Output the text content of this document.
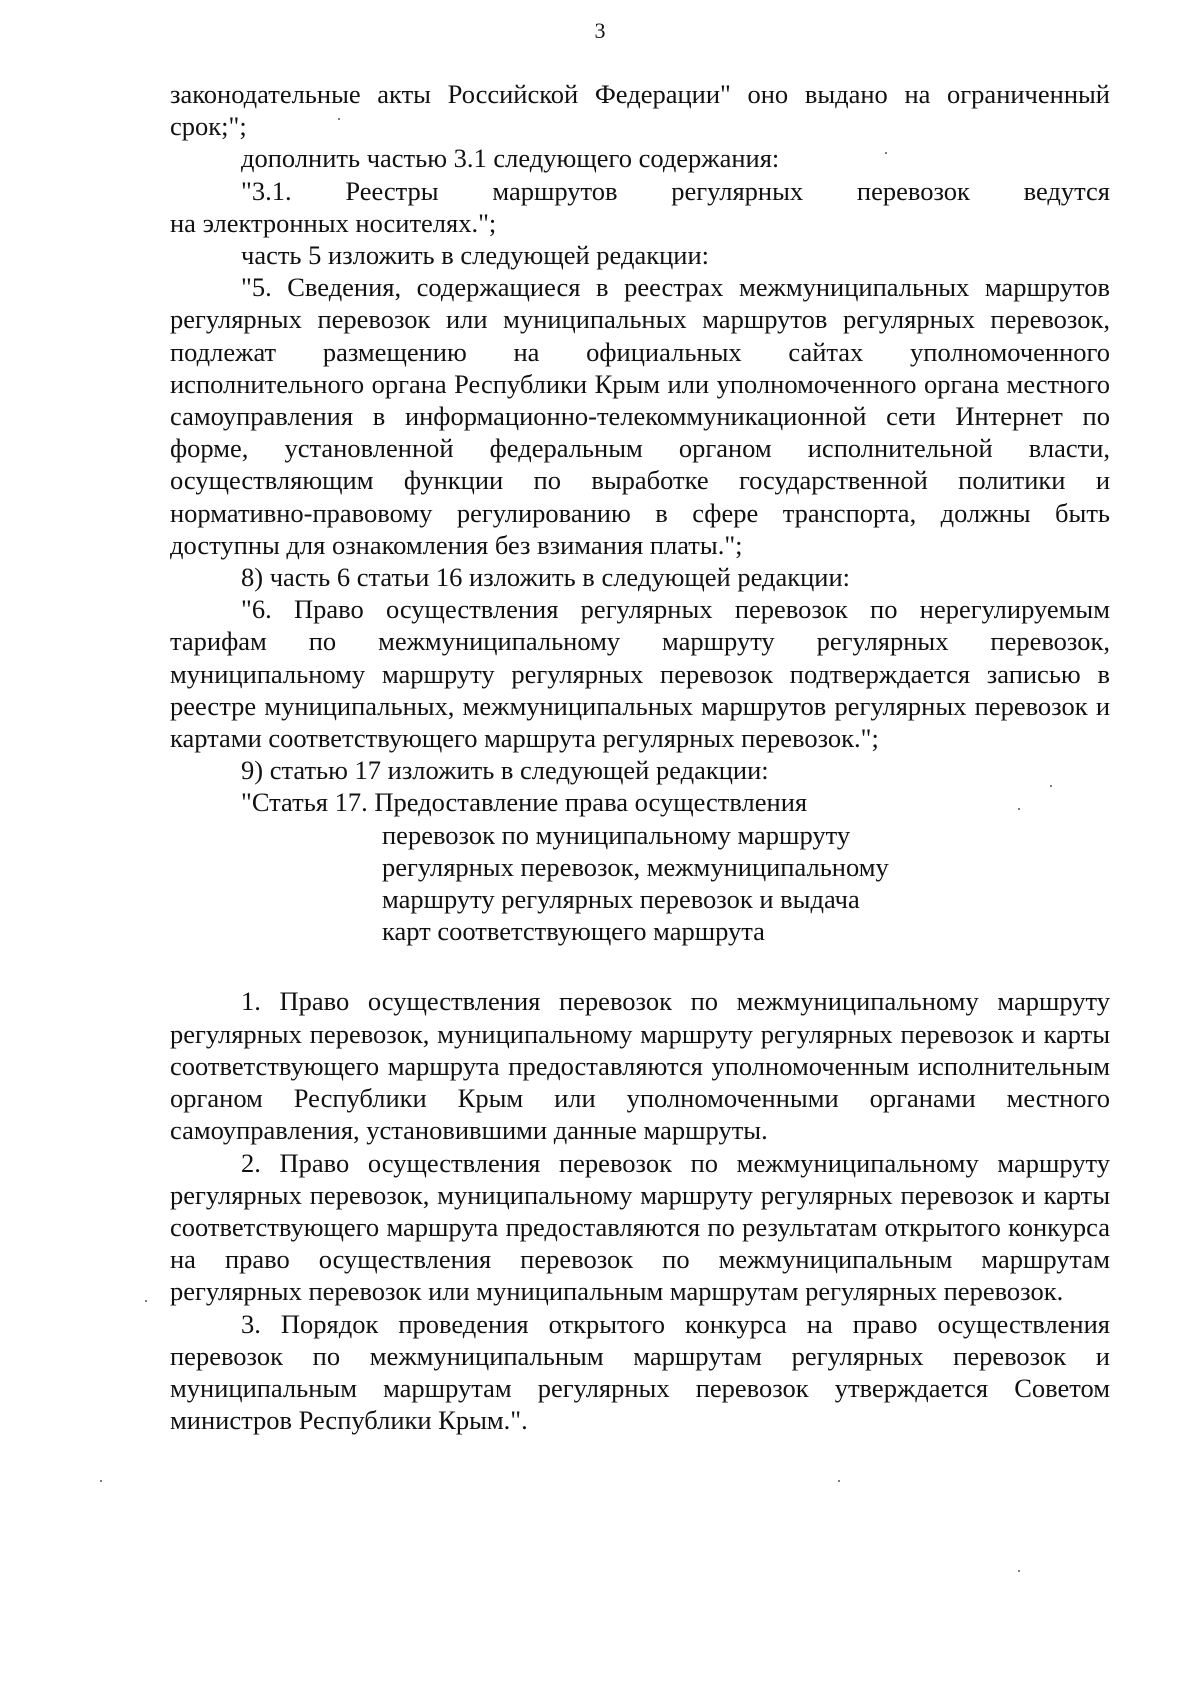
3

законодательные акты Российской Федерации" оно выдано на ограниченный

срок;";

дополнить частью 3.1 следующего содержания:

"3.1. Реестры маршрутов регулярных перевозок ведутся

на электронных носителях.";

часть 5 изложить в следующей редакции:

"5. Сведения, содержащиеся в реестрах межмуниципальных маршрутов регулярных перевозок или муниципальных маршрутов регулярных перевозок, подлежат размещению на официальных сайтах уполномоченного исполнительного органа Республики Крым или уполномоченного органа местного самоуправления в информационно-телекоммуникационной сети Интернет по форме, установленной федеральным органом исполнительной власти, осуществляющим функции по выработке государственной политики и нормативно-правовому регулированию в сфере транспорта, должны быть доступны для ознакомления без взимания платы.";

8) часть 6 статьи 16 изложить в следующей редакции:

"6. Право осуществления регулярных перевозок по нерегулируемым тарифам по межмуниципальному маршруту регулярных перевозок, муниципальному маршруту регулярных перевозок подтверждается записью в реестре муниципальных, межмуниципальных маршрутов регулярных перевозок и картами соответствующего маршрута регулярных перевозок.";

9) статью 17 изложить в следующей редакции:

"Статья 17. Предоставление права осуществления
перевозок по муниципальному маршруту
регулярных перевозок, межмуниципальному
маршруту регулярных перевозок и выдача
карт соответствующего маршрута

1. Право осуществления перевозок по межмуниципальному маршруту регулярных перевозок, муниципальному маршруту регулярных перевозок и карты соответствующего маршрута предоставляются уполномоченным исполнительным органом Республики Крым или уполномоченными органами местного самоуправления, установившими данные маршруты.

2. Право осуществления перевозок по межмуниципальному маршруту регулярных перевозок, муниципальному маршруту регулярных перевозок и карты соответствующего маршрута предоставляются по результатам открытого конкурса на право осуществления перевозок по межмуниципальным маршрутам регулярных перевозок или муниципальным маршрутам регулярных перевозок.

3. Порядок проведения открытого конкурса на право осуществления перевозок по межмуниципальным маршрутам регулярных перевозок и муниципальным маршрутам регулярных перевозок утверждается Советом министров Республики Крым.".
